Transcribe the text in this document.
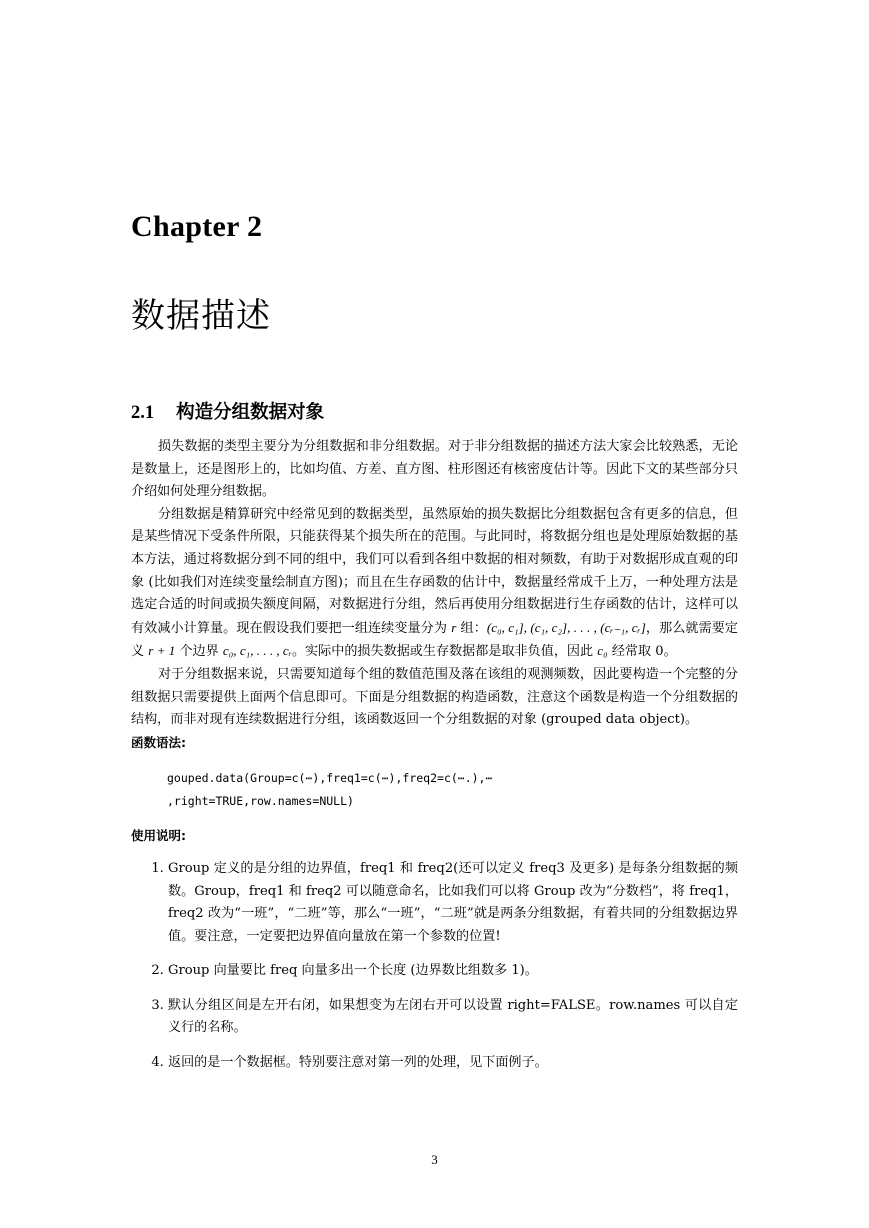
Chapter 2
数据描述
2.1 构造分组数据对象

损失数据的类型主要分为分组数据和非分组数据。对于非分组数据的描述方法大家会比较熟悉，无论是数量上，还是图形上的，比如均值、方差、直方图、柱形图还有核密度估计等。因此下文的某些部分只介绍如何处理分组数据。

分组数据是精算研究中经常见到的数据类型，虽然原始的损失数据比分组数据包含有更多的信息，但是某些情况下受条件所限，只能获得某个损失所在的范围。与此同时，将数据分组也是处理原始数据的基本方法，通过将数据分到不同的组中，我们可以看到各组中数据的相对频数，有助于对数据形成直观的印象 (比如我们对连续变量绘制直方图)；而且在生存函数的估计中，数据量经常成千上万，一种处理方法是选定合适的时间或损失额度间隔，对数据进行分组，然后再使用分组数据进行生存函数的估计，这样可以有效减小计算量。现在假设我们要把一组连续变量分为 r 组：(c₀, c₁], (c₁, c₂], . . . , (cᵣ₋₁, cᵣ]，那么就需要定义 r + 1 个边界 c₀, c₁, . . . , cᵣ。实际中的损失数据或生存数据都是取非负值，因此 c₀ 经常取 0。

对于分组数据来说，只需要知道每个组的数值范围及落在该组的观测频数，因此要构造一个完整的分组数据只需要提供上面两个信息即可。下面是分组数据的构造函数，注意这个函数是构造一个分组数据的结构，而非对现有连续数据进行分组，该函数返回一个分组数据的对象 (grouped data object)。

函数语法:

gouped.data(Group=c(⋯),freq1=c(⋯),freq2=c(⋯.),⋯
,right=TRUE,row.names=NULL)

使用说明:

1. Group 定义的是分组的边界值，freq1 和 freq2(还可以定义 freq3 及更多) 是每条分组数据的频数。Group，freq1 和 freq2 可以随意命名，比如我们可以将 Group 改为“分数档”，将 freq1，freq2 改为“一班”，“二班”等，那么“一班”，“二班”就是两条分组数据，有着共同的分组数据边界值。要注意，一定要把边界值向量放在第一个参数的位置!
2. Group 向量要比 freq 向量多出一个长度 (边界数比组数多 1)。
3. 默认分组区间是左开右闭，如果想变为左闭右开可以设置 right=FALSE。row.names 可以自定义行的名称。
4. 返回的是一个数据框。特别要注意对第一列的处理，见下面例子。
3
